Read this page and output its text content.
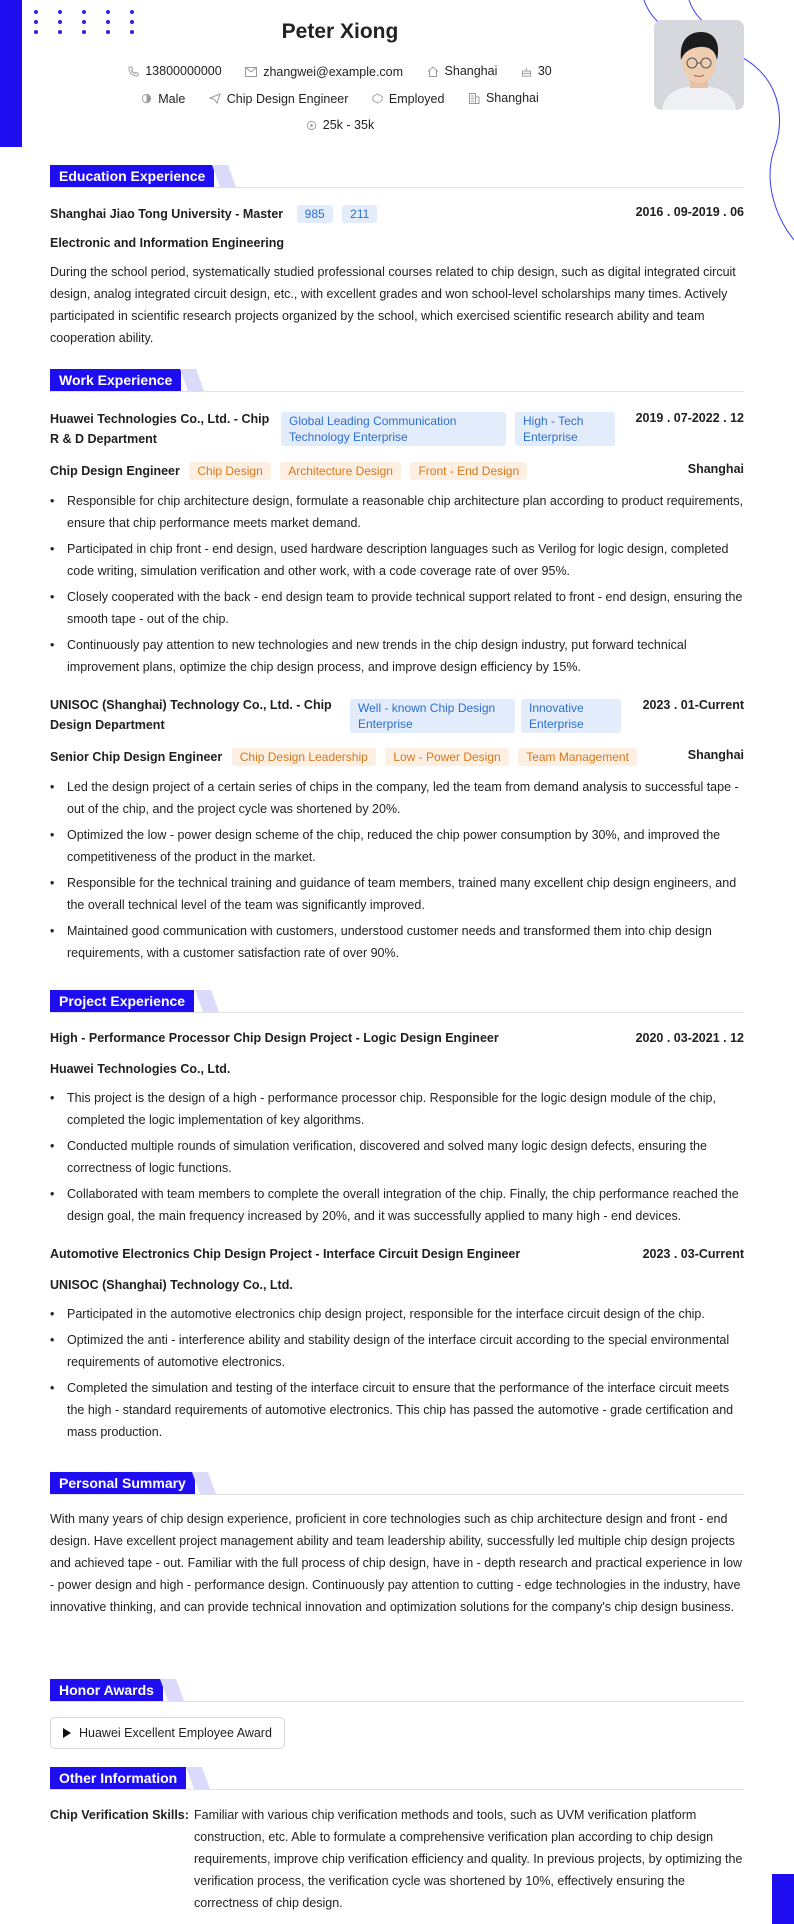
Peter Xiong
13800000000
	zhangwei@example.com
	Shanghai
	30
Male
	Chip Design Engineer
	Employed
	Shanghai
25k - 35k
Education Experience
Shanghai Jiao Tong University - Master 985 211	2016 . 09-2019 . 06
Electronic and Information Engineering
During the school period, systematically studied professional courses related to chip design, such as digital integrated circuit design, analog integrated circuit design, etc., with excellent grades and won school-level scholarships many times. Actively participated in scientific research projects organized by the school, which exercised scientific research ability and team cooperation ability.
Work Experience
Huawei Technologies Co., Ltd. - Chip R & D Department
Global Leading Communication Technology Enterprise
High - Tech Enterprise
2019 . 07-2022 . 12
Chip Design Engineer Chip Design Architecture Design Front - End Design	Shanghai
• Responsible for chip architecture design, formulate a reasonable chip architecture plan according to product requirements, ensure that chip performance meets market demand.
• Participated in chip front - end design, used hardware description languages such as Verilog for logic design, completed code writing, simulation verification and other work, with a code coverage rate of over 95%.
• Closely cooperated with the back - end design team to provide technical support related to front - end design, ensuring the smooth tape - out of the chip.
• Continuously pay attention to new technologies and new trends in the chip design industry, put forward technical improvement plans, optimize the chip design process, and improve design efficiency by 15%.
UNISOC (Shanghai) Technology Co., Ltd. - Chip Design Department
Well - known Chip Design Enterprise
Innovative Enterprise
2023 . 01-Current
Senior Chip Design Engineer Chip Design Leadership Low - Power Design Team Management	Shanghai
• Led the design project of a certain series of chips in the company, led the team from demand analysis to successful tape - out of the chip, and the project cycle was shortened by 20%.
• Optimized the low - power design scheme of the chip, reduced the chip power consumption by 30%, and improved the competitiveness of the product in the market.
• Responsible for the technical training and guidance of team members, trained many excellent chip design engineers, and the overall technical level of the team was significantly improved.
• Maintained good communication with customers, understood customer needs and transformed them into chip design requirements, with a customer satisfaction rate of over 90%.
Project Experience
High - Performance Processor Chip Design Project - Logic Design Engineer	2020 . 03-2021 . 12
Huawei Technologies Co., Ltd.
• This project is the design of a high - performance processor chip. Responsible for the logic design module of the chip, completed the logic implementation of key algorithms.
• Conducted multiple rounds of simulation verification, discovered and solved many logic design defects, ensuring the correctness of logic functions.
• Collaborated with team members to complete the overall integration of the chip. Finally, the chip performance reached the design goal, the main frequency increased by 20%, and it was successfully applied to many high - end devices.
Automotive Electronics Chip Design Project - Interface Circuit Design Engineer	2023 . 03-Current
UNISOC (Shanghai) Technology Co., Ltd.
• Participated in the automotive electronics chip design project, responsible for the interface circuit design of the chip.
• Optimized the anti - interference ability and stability design of the interface circuit according to the special environmental requirements of automotive electronics.
• Completed the simulation and testing of the interface circuit to ensure that the performance of the interface circuit meets the high - standard requirements of automotive electronics. This chip has passed the automotive - grade certification and mass production.
Personal Summary
With many years of chip design experience, proficient in core technologies such as chip architecture design and front - end design. Have excellent project management ability and team leadership ability, successfully led multiple chip design projects and achieved tape - out. Familiar with the full process of chip design, have in - depth research and practical experience in low - power design and high - performance design. Continuously pay attention to cutting - edge technologies in the industry, have innovative thinking, and can provide technical innovation and optimization solutions for the company's chip design business.
Honor Awards
Huawei Excellent Employee Award
Other Information
Chip Verification Skills: Familiar with various chip verification methods and tools, such as UVM verification platform construction, etc. Able to formulate a comprehensive verification plan according to chip design requirements, improve chip verification efficiency and quality. In previous projects, by optimizing the verification process, the verification cycle was shortened by 10%, effectively ensuring the correctness of chip design.
